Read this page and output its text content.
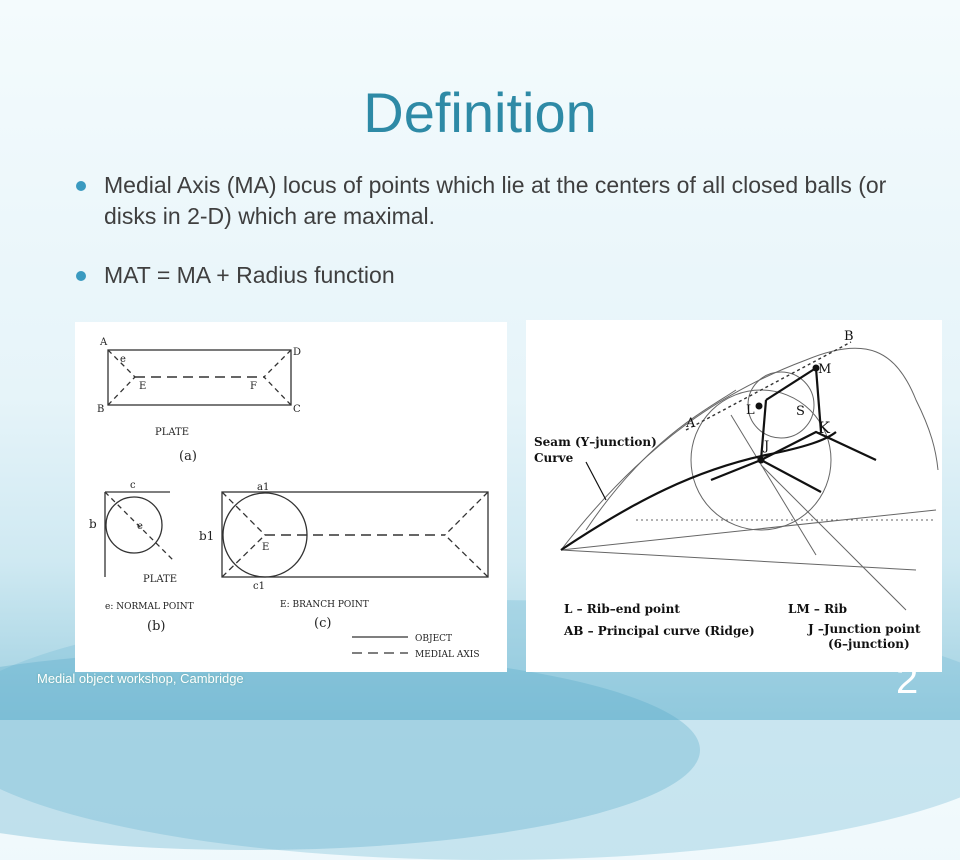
Definition
Medial Axis (MA) locus of points which lie at the centers of all closed balls (or disks in 2-D) which are maximal.
MAT = MA + Radius function
A
D
B	C
e
E	F
PLATE
(a)
c
b	e
PLATE
a1
b1
c1
E
e: NORMAL POINT	E: BRANCH POINT
(b)	(c)
OBJECT
MEDIAL AXIS
B
M
L	S
A	K
J
Seam (Y–junction)
Curve
L – Rib–end point
AB – Principal curve (Ridge)
LM – Rib
J –Junction point
(6–junction)
Medial object workshop, Cambridge	2
